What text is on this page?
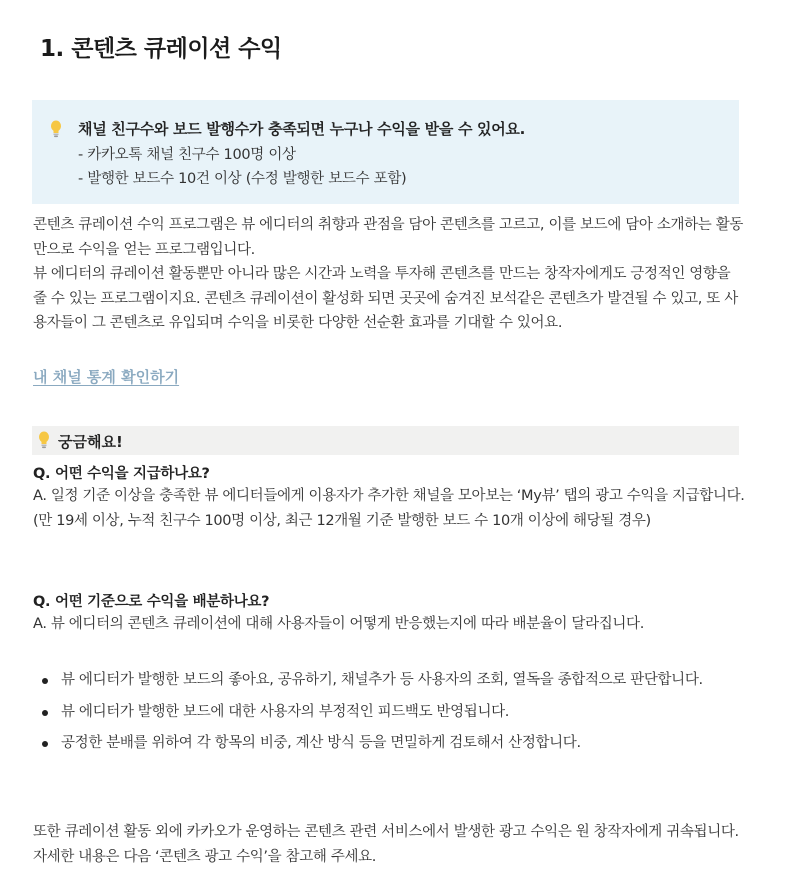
1. 콘텐츠 큐레이션 수익
채널 친구수와 보드 발행수가 충족되면 누구나 수익을 받을 수 있어요.
- 카카오톡 채널 친구수 100명 이상
- 발행한 보드수 10건 이상 (수정 발행한 보드수 포함)

콘텐츠 큐레이션 수익 프로그램은 뷰 에디터의 취향과 관점을 담아 콘텐츠를 고르고, 이를 보드에 담아 소개하는 활동만으로 수익을 얻는 프로그램입니다.

뷰 에디터의 큐레이션 활동뿐만 아니라 많은 시간과 노력을 투자해 콘텐츠를 만드는 창작자에게도 긍정적인 영향을 줄 수 있는 프로그램이지요. 콘텐츠 큐레이션이 활성화 되면 곳곳에 숨겨진 보석같은 콘텐츠가 발견될 수 있고, 또 사용자들이 그 콘텐츠로 유입되며 수익을 비롯한 다양한 선순환 효과를 기대할 수 있어요.

내 채널 통계 확인하기
궁금해요!
Q. 어떤 수익을 지급하나요?
A. 일정 기준 이상을 충족한 뷰 에디터들에게 이용자가 추가한 채널을 모아보는 ‘My뷰’ 탭의 광고 수익을 지급합니다. (만 19세 이상, 누적 친구수 100명 이상, 최근 12개월 기준 발행한 보드 수 10개 이상에 해당될 경우)
Q. 어떤 기준으로 수익을 배분하나요?
A. 뷰 에디터의 콘텐츠 큐레이션에 대해 사용자들이 어떻게 반응했는지에 따라 배분율이 달라집니다.
뷰 에디터가 발행한 보드의 좋아요, 공유하기, 채널추가 등 사용자의 조회, 열독을 종합적으로 판단합니다.
뷰 에디터가 발행한 보드에 대한 사용자의 부정적인 피드백도 반영됩니다.
공정한 분배를 위하여 각 항목의 비중, 계산 방식 등을 면밀하게 검토해서 산정합니다.
또한 큐레이션 활동 외에 카카오가 운영하는 콘텐츠 관련 서비스에서 발생한 광고 수익은 원 창작자에게 귀속됩니다. 자세한 내용은 다음 ‘콘텐츠 광고 수익’을 참고해 주세요.
